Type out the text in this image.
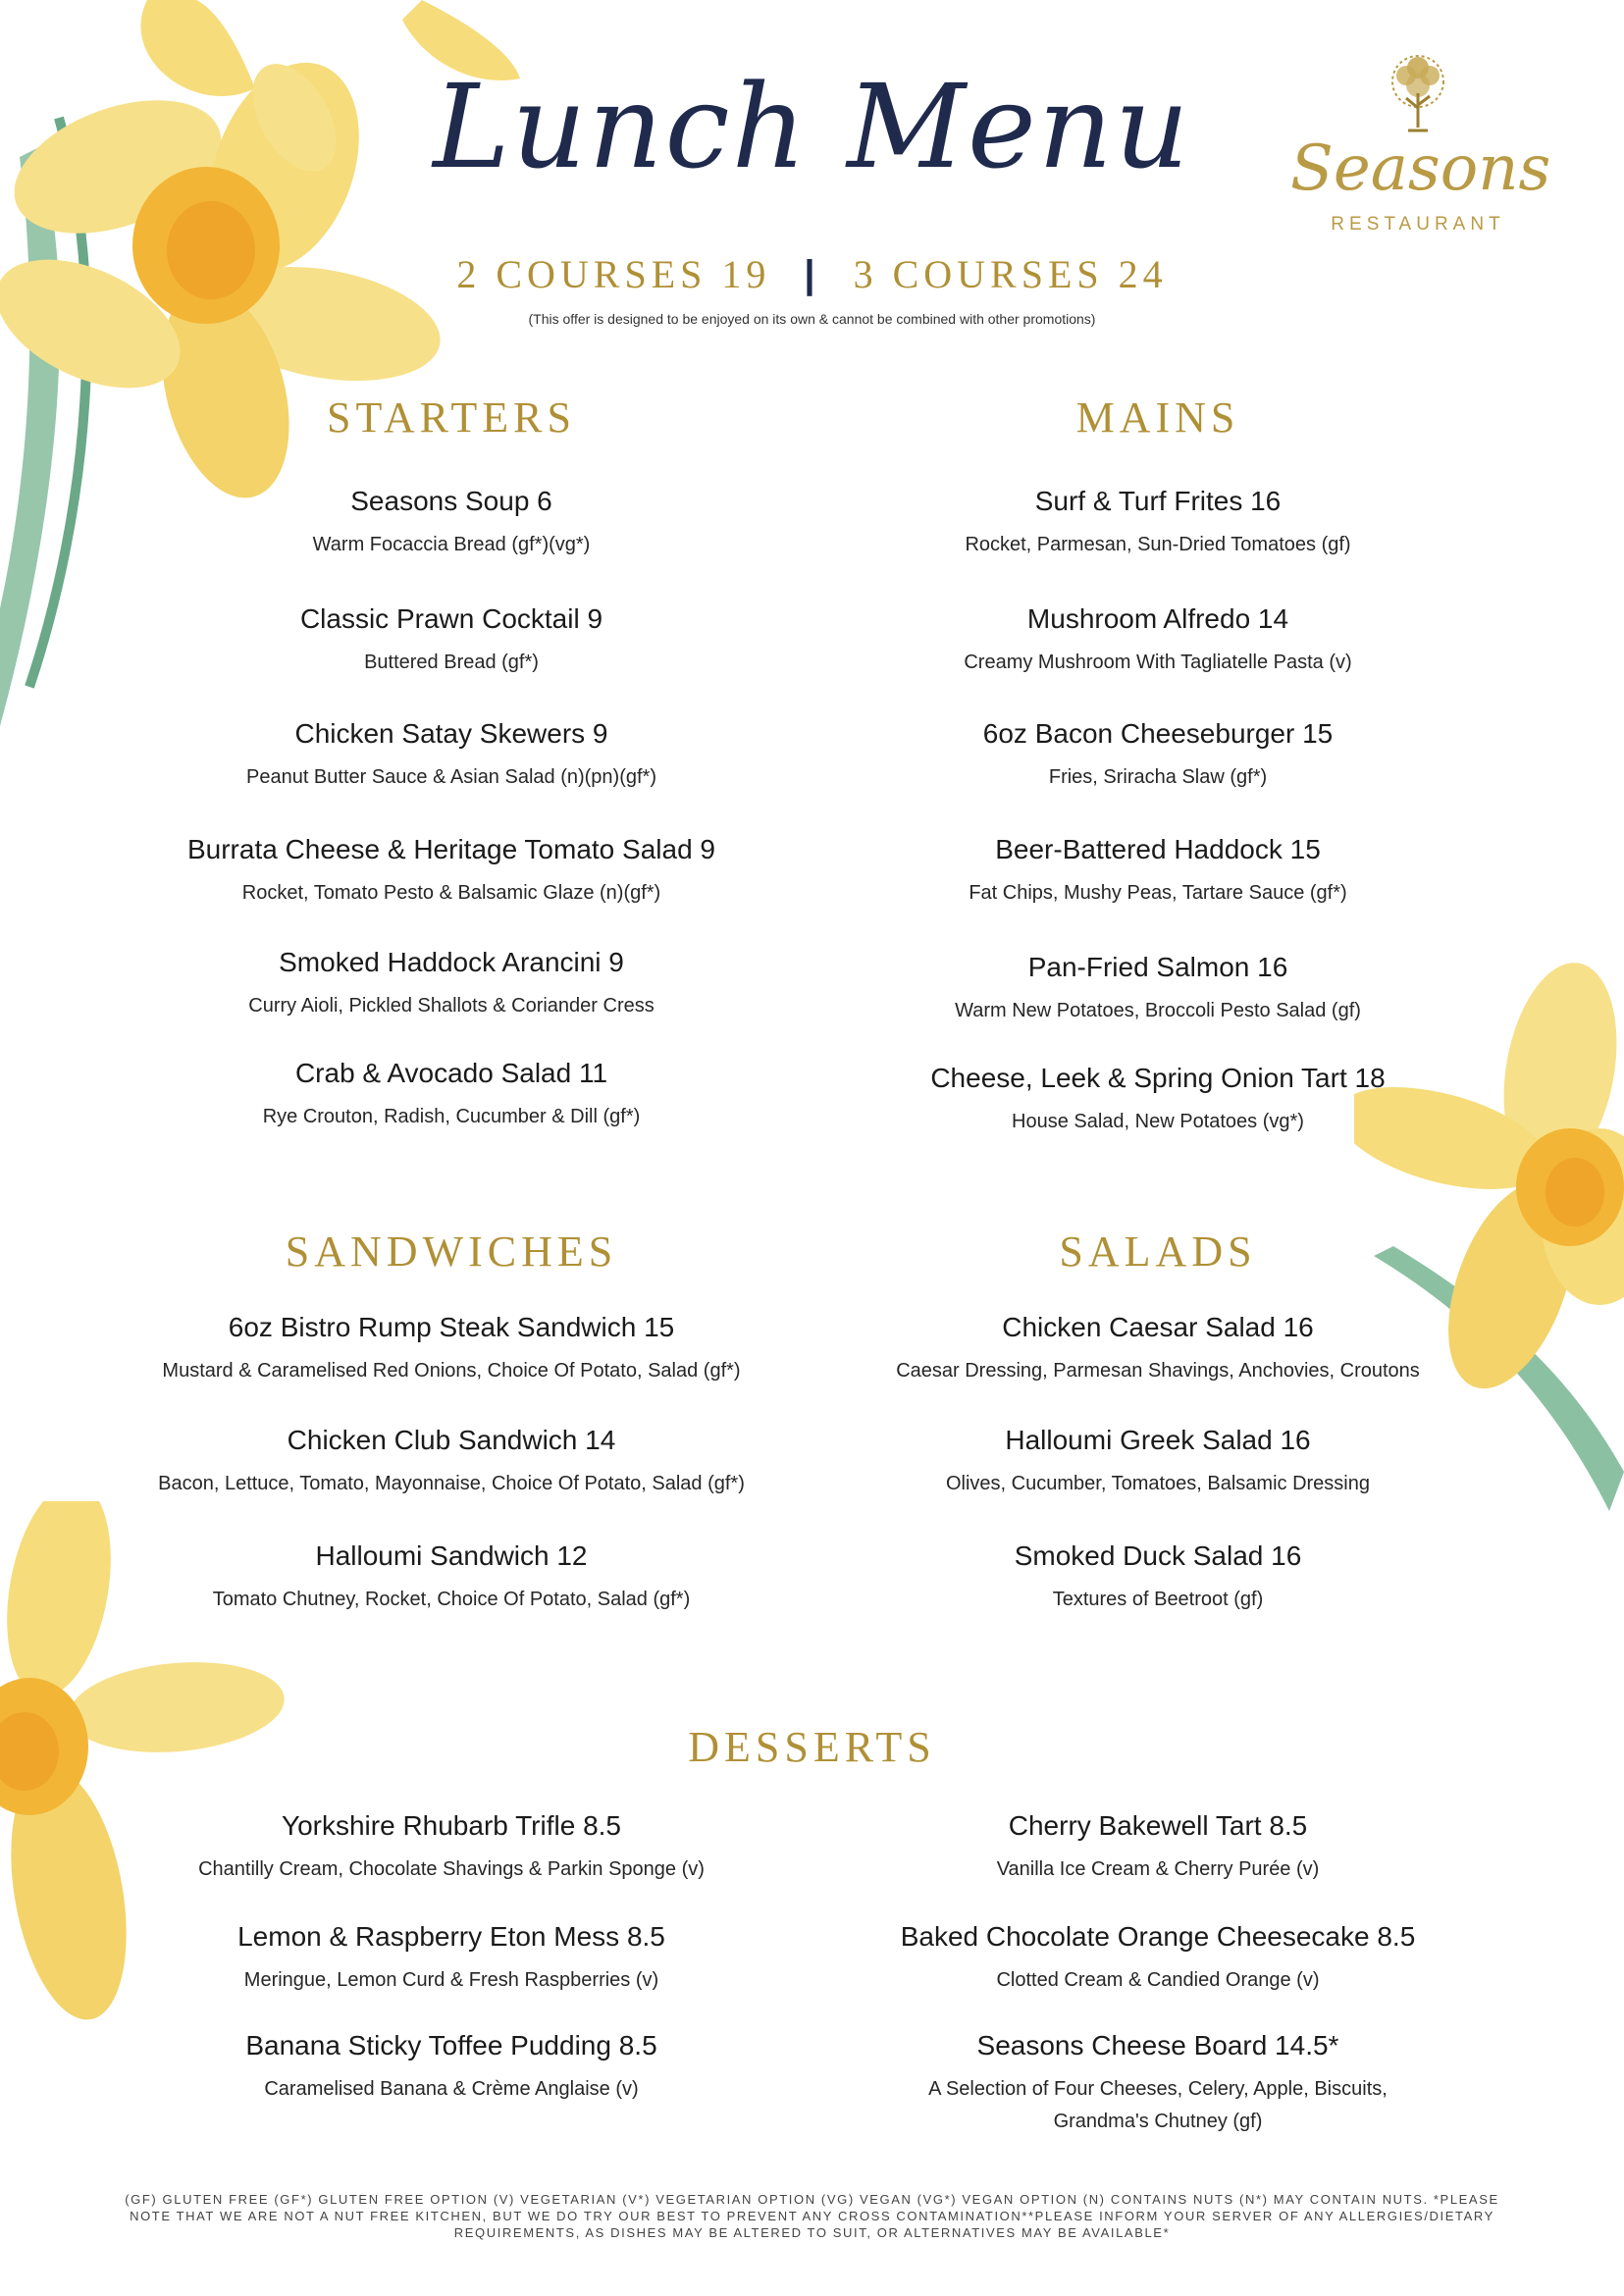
Lunch Menu	Seasons
RESTAURANT
2 COURSES 19 | 3 COURSES 24
(This offer is designed to be enjoyed on its own & cannot be combined with other promotions)
STARTERS
Seasons Soup 6
Warm Focaccia Bread (gf*)(vg*)
Classic Prawn Cocktail 9
Buttered Bread (gf*)
Chicken Satay Skewers 9
Peanut Butter Sauce & Asian Salad (n)(pn)(gf*)
Burrata Cheese & Heritage Tomato Salad 9
Rocket, Tomato Pesto & Balsamic Glaze (n)(gf*)
Smoked Haddock Arancini 9
Curry Aioli, Pickled Shallots & Coriander Cress
Crab & Avocado Salad 11
Rye Crouton, Radish, Cucumber & Dill (gf*)
MAINS
Surf & Turf Frites 16
Rocket, Parmesan, Sun-Dried Tomatoes (gf)
Mushroom Alfredo 14
Creamy Mushroom With Tagliatelle Pasta (v)
6oz Bacon Cheeseburger 15
Fries, Sriracha Slaw (gf*)
Beer-Battered Haddock 15
Fat Chips, Mushy Peas, Tartare Sauce (gf*)
Pan-Fried Salmon 16
Warm New Potatoes, Broccoli Pesto Salad (gf)
Cheese, Leek & Spring Onion Tart 18
House Salad, New Potatoes (vg*)
SANDWICHES
6oz Bistro Rump Steak Sandwich 15
Mustard & Caramelised Red Onions, Choice Of Potato, Salad (gf*)
Chicken Club Sandwich 14
Bacon, Lettuce, Tomato, Mayonnaise, Choice Of Potato, Salad (gf*)
Halloumi Sandwich 12
Tomato Chutney, Rocket, Choice Of Potato, Salad (gf*)
SALADS
Chicken Caesar Salad 16
Caesar Dressing, Parmesan Shavings, Anchovies, Croutons
Halloumi Greek Salad 16
Olives, Cucumber, Tomatoes, Balsamic Dressing
Smoked Duck Salad 16
Textures of Beetroot (gf)
DESSERTS
Yorkshire Rhubarb Trifle 8.5
Chantilly Cream, Chocolate Shavings & Parkin Sponge (v)
Lemon & Raspberry Eton Mess 8.5
Meringue, Lemon Curd & Fresh Raspberries (v)
Banana Sticky Toffee Pudding 8.5
Caramelised Banana & Crème Anglaise (v)
Cherry Bakewell Tart 8.5
Vanilla Ice Cream & Cherry Purée (v)
Baked Chocolate Orange Cheesecake 8.5
Clotted Cream & Candied Orange (v)
Seasons Cheese Board 14.5*
A Selection of Four Cheeses, Celery, Apple, Biscuits, Grandma's Chutney (gf)
(GF) GLUTEN FREE (GF*) GLUTEN FREE OPTION (V) VEGETARIAN (V*) VEGETARIAN OPTION (VG) VEGAN (VG*) VEGAN OPTION (N) CONTAINS NUTS (N*) MAY CONTAIN NUTS. *PLEASE NOTE THAT WE ARE NOT A NUT FREE KITCHEN, BUT WE DO TRY OUR BEST TO PREVENT ANY CROSS CONTAMINATION**PLEASE INFORM YOUR SERVER OF ANY ALLERGIES/DIETARY REQUIREMENTS, AS DISHES MAY BE ALTERED TO SUIT, OR ALTERNATIVES MAY BE AVAILABLE*
